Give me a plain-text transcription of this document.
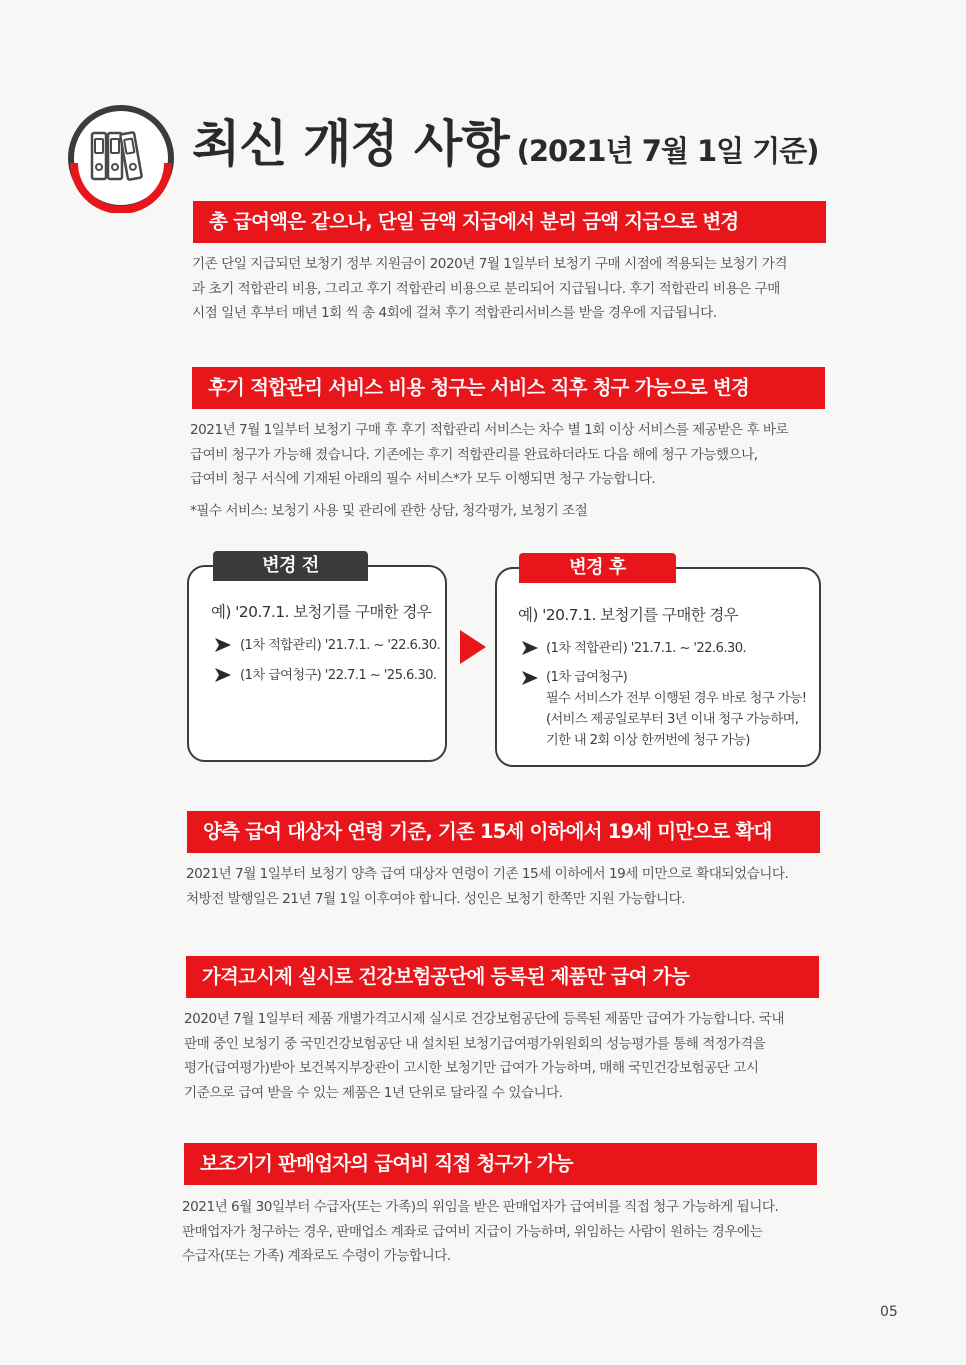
최신 개정 사항 (2021년 7월 1일 기준)
총 급여액은 같으나, 단일 금액 지급에서 분리 금액 지급으로 변경
기존 단일 지급되던 보청기 정부 지원금이 2020년 7월 1일부터 보청기 구매 시점에 적용되는 보청기 가격
과 초기 적합관리 비용, 그리고 후기 적합관리 비용으로 분리되어 지급됩니다. 후기 적합관리 비용은 구매
시점 일년 후부터 매년 1회 씩 총 4회에 걸쳐 후기 적합관리서비스를 받을 경우에 지급됩니다.
후기 적합관리 서비스 비용 청구는 서비스 직후 청구 가능으로 변경
2021년 7월 1일부터 보청기 구매 후 후기 적합관리 서비스는 차수 별 1회 이상 서비스를 제공받은 후 바로
급여비 청구가 가능해 졌습니다. 기존에는 후기 적합관리를 완료하더라도 다음 해에 청구 가능했으나,
급여비 청구 서식에 기재된 아래의 필수 서비스*가 모두 이행되면 청구 가능합니다.
*필수 서비스: 보청기 사용 및 관리에 관한 상담, 청각평가, 보청기 조절
변경 전
예) '20.7.1. 보청기를 구매한 경우
(1차 적합관리) '21.7.1. ~ '22.6.30.
(1차 급여청구) '22.7.1 ~ '25.6.30.
변경 후
예) '20.7.1. 보청기를 구매한 경우
(1차 적합관리) '21.7.1. ~ '22.6.30.
(1차 급여청구)
필수 서비스가 전부 이행된 경우 바로 청구 가능!
(서비스 제공일로부터 3년 이내 청구 가능하며,
기한 내 2회 이상 한꺼번에 청구 가능)
양측 급여 대상자 연령 기준, 기존 15세 이하에서 19세 미만으로 확대
2021년 7월 1일부터 보청기 양측 급여 대상자 연령이 기존 15세 이하에서 19세 미만으로 확대되었습니다.
처방전 발행일은 21년 7월 1일 이후여야 합니다. 성인은 보청기 한쪽만 지원 가능합니다.
가격고시제 실시로 건강보험공단에 등록된 제품만 급여 가능
2020년 7월 1일부터 제품 개별가격고시제 실시로 건강보험공단에 등록된 제품만 급여가 가능합니다. 국내
판매 중인 보청기 중 국민건강보험공단 내 설치된 보청기급여평가위원회의 성능평가를 통해 적정가격을
평가(급여평가)받아 보건복지부장관이 고시한 보청기만 급여가 가능하며, 매해 국민건강보험공단 고시
기준으로 급여 받을 수 있는 제품은 1년 단위로 달라질 수 있습니다.
보조기기 판매업자의 급여비 직접 청구가 가능
2021년 6월 30일부터 수급자(또는 가족)의 위임을 받은 판매업자가 급여비를 직접 청구 가능하게 됩니다.
판매업자가 청구하는 경우, 판매업소 계좌로 급여비 지급이 가능하며, 위임하는 사람이 원하는 경우에는
수급자(또는 가족) 계좌로도 수령이 가능합니다.
05
